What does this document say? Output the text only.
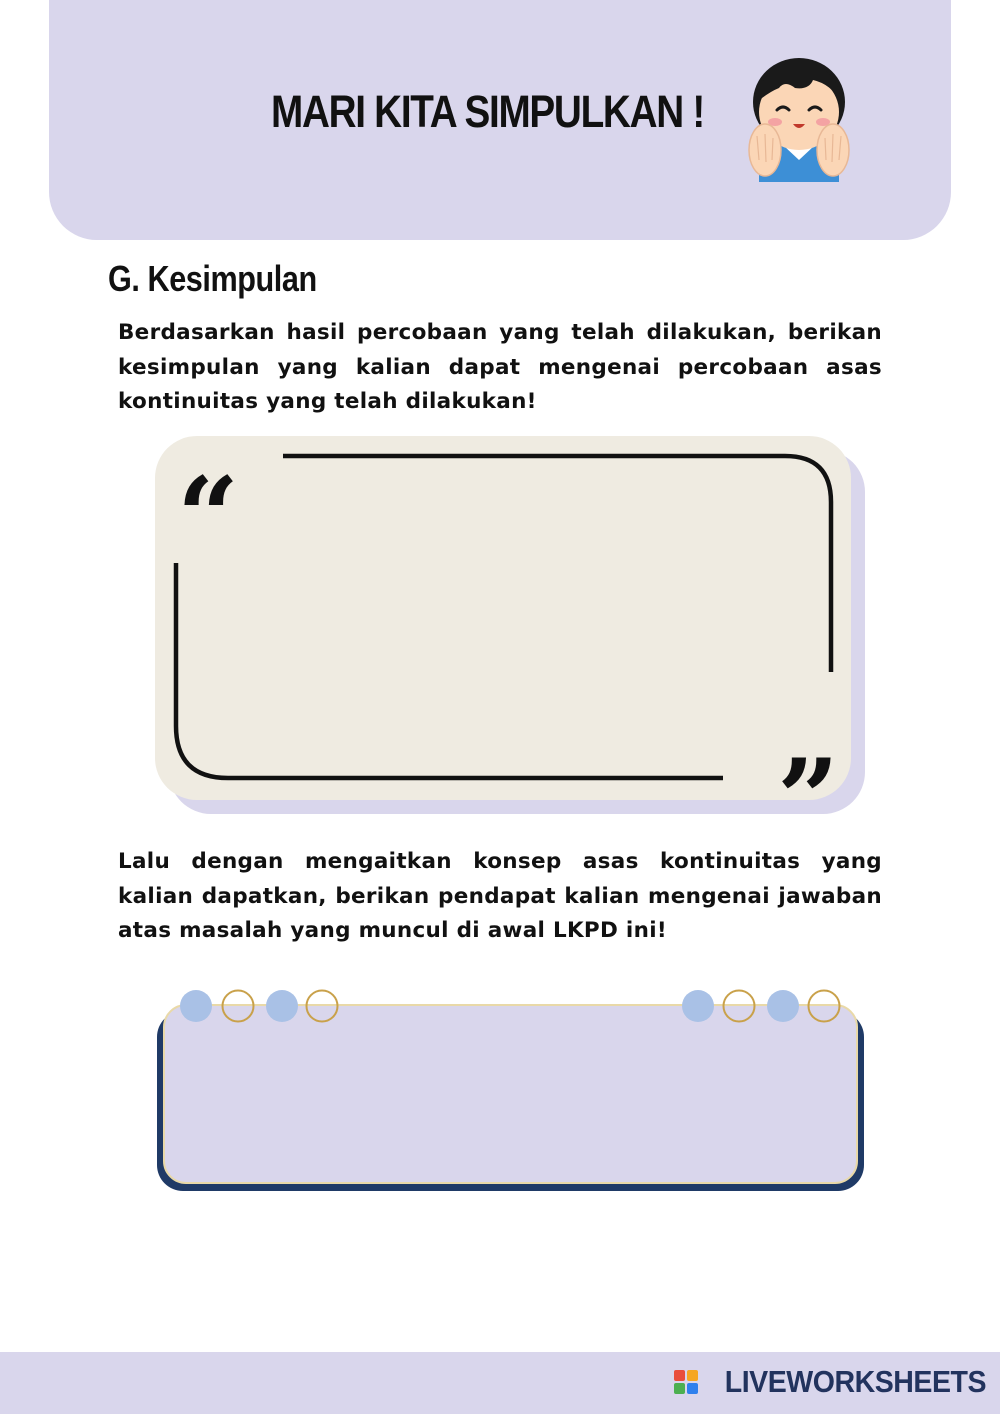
MARI KITA SIMPULKAN !
G. Kesimpulan
Berdasarkan hasil percobaan yang telah dilakukan, berikan kesimpulan yang kalian dapat mengenai percobaan asas kontinuitas yang telah dilakukan!
“
”
Lalu dengan mengaitkan konsep asas kontinuitas yang kalian dapatkan, berikan pendapat kalian mengenai jawaban atas masalah yang muncul di awal LKPD ini!
LIVEWORKSHEETS
